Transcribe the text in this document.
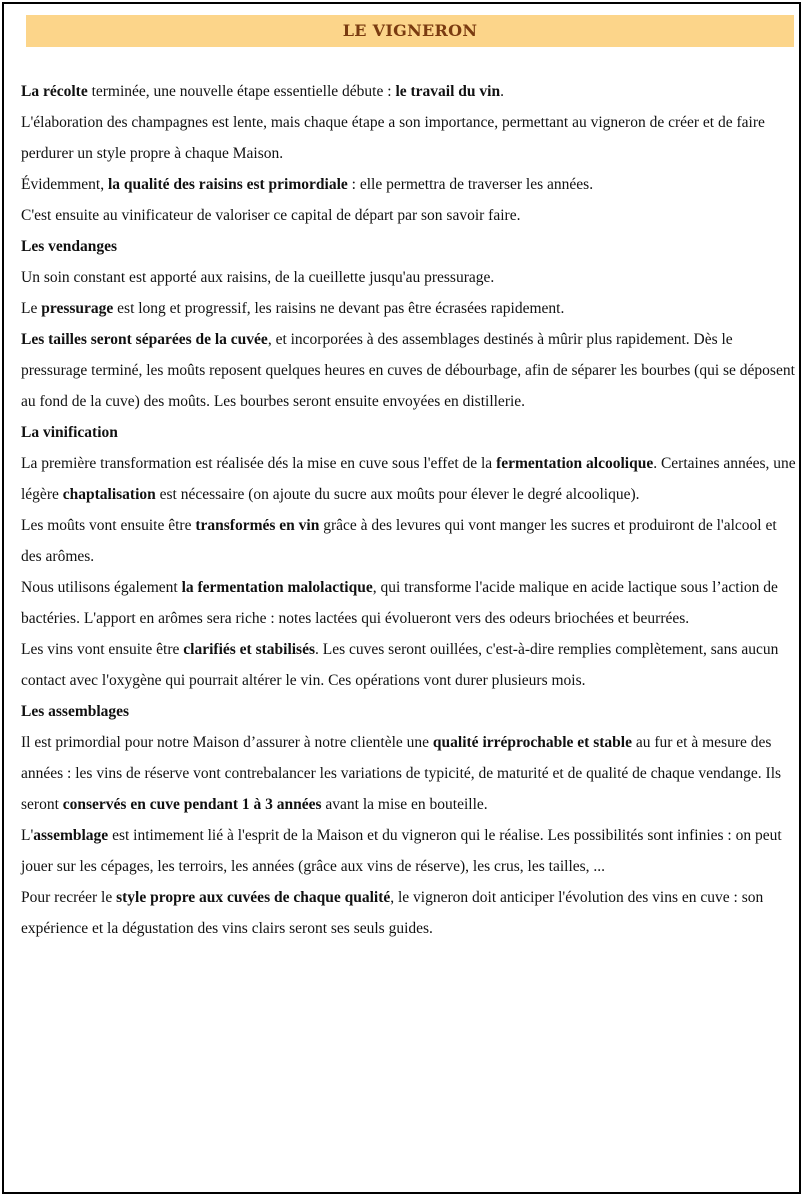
LE VIGNERON

La récolte terminée, une nouvelle étape essentielle débute : le travail du vin.

L'élaboration des champagnes est lente, mais chaque étape a son importance, permettant au vigneron de créer et de faire perdurer un style propre à chaque Maison.

Évidemment, la qualité des raisins est primordiale : elle permettra de traverser les années.

C'est ensuite au vinificateur de valoriser ce capital de départ par son savoir faire.

Les vendanges

Un soin constant est apporté aux raisins, de la cueillette jusqu'au pressurage.

Le pressurage est long et progressif, les raisins ne devant pas être écrasées rapidement.

Les tailles seront séparées de la cuvée, et incorporées à des assemblages destinés à mûrir plus rapidement. Dès le pressurage terminé, les moûts reposent quelques heures en cuves de débourbage, afin de séparer les bourbes (qui se déposent au fond de la cuve) des moûts. Les bourbes seront ensuite envoyées en distillerie.

La vinification

La première transformation est réalisée dés la mise en cuve sous l'effet de la fermentation alcoolique. Certaines années, une légère chaptalisation est nécessaire (on ajoute du sucre aux moûts pour élever le degré alcoolique).

Les moûts vont ensuite être transformés en vin grâce à des levures qui vont manger les sucres et produiront de l'alcool et des arômes.

Nous utilisons également la fermentation malolactique, qui transforme l'acide malique en acide lactique sous l’action de bactéries. L'apport en arômes sera riche : notes lactées qui évolueront vers des odeurs briochées et beurrées.

Les vins vont ensuite être clarifiés et stabilisés. Les cuves seront ouillées, c'est-à-dire remplies complètement, sans aucun contact avec l'oxygène qui pourrait altérer le vin. Ces opérations vont durer plusieurs mois.

Les assemblages

Il est primordial pour notre Maison d’assurer à notre clientèle une qualité irréprochable et stable au fur et à mesure des années : les vins de réserve vont contrebalancer les variations de typicité, de maturité et de qualité de chaque vendange. Ils seront conservés en cuve pendant 1 à 3 années avant la mise en bouteille.

L'assemblage est intimement lié à l'esprit de la Maison et du vigneron qui le réalise. Les possibilités sont infinies : on peut jouer sur les cépages, les terroirs, les années (grâce aux vins de réserve), les crus, les tailles, ...

Pour recréer le style propre aux cuvées de chaque qualité, le vigneron doit anticiper l'évolution des vins en cuve : son expérience et la dégustation des vins clairs seront ses seuls guides.
